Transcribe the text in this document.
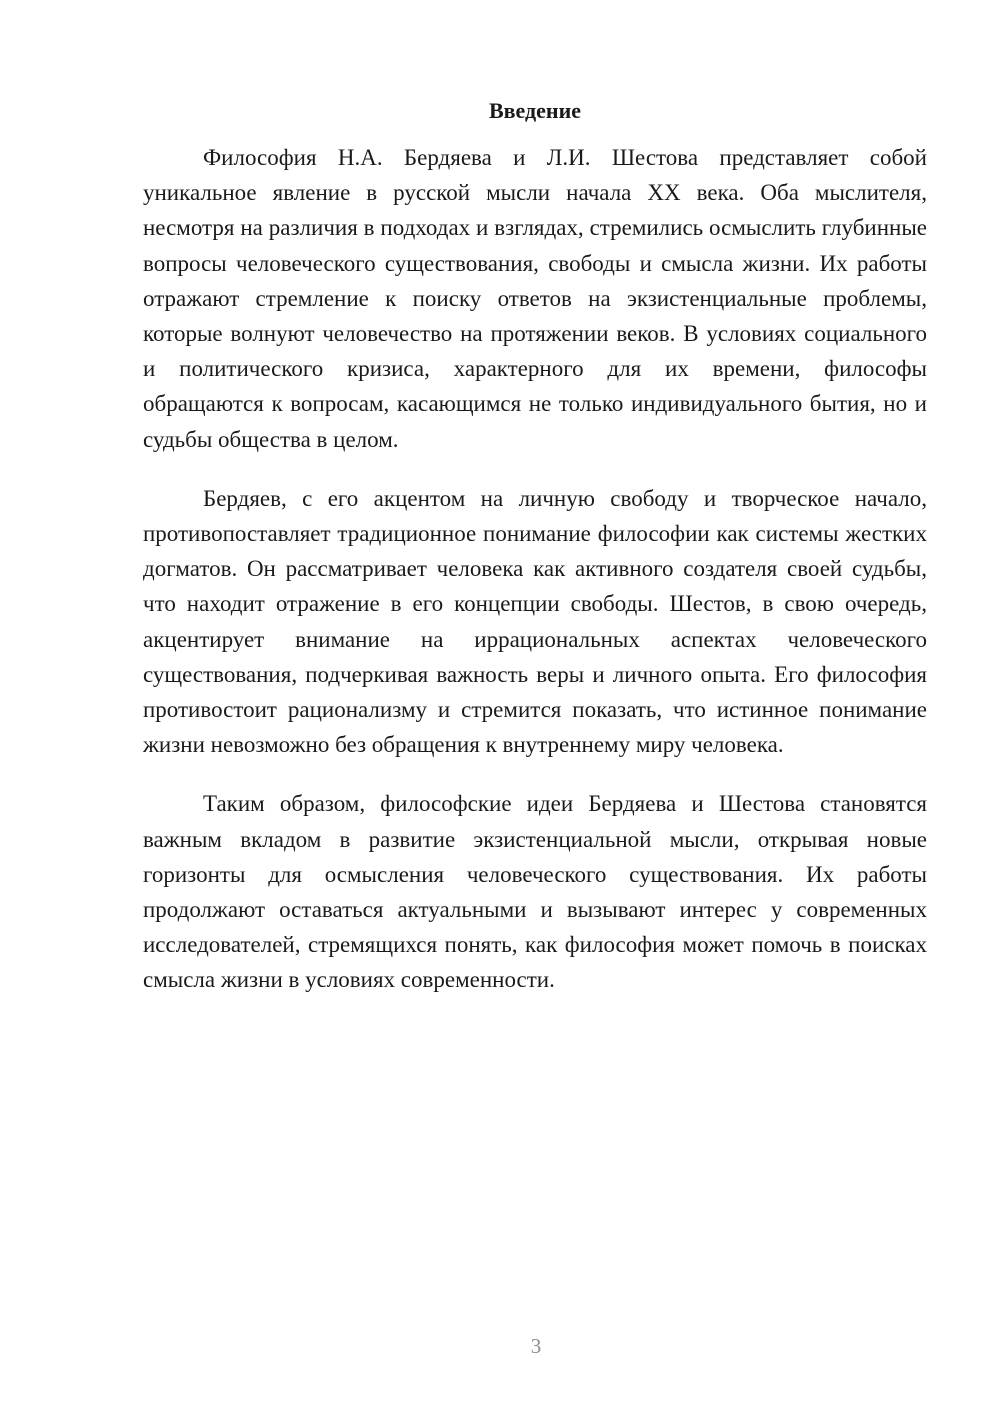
Введение

Философия Н.А. Бердяева и Л.И. Шестова представляет собой уникальное явление в русской мысли начала XX века. Оба мыслителя, несмотря на различия в подходах и взглядах, стремились осмыслить глубинные вопросы человеческого существования, свободы и смысла жизни. Их работы отражают стремление к поиску ответов на экзистенциальные проблемы, которые волнуют человечество на протяжении веков. В условиях социального и политического кризиса, характерного для их времени, философы обращаются к вопросам, касающимся не только индивидуального бытия, но и судьбы общества в целом.

Бердяев, с его акцентом на личную свободу и творческое начало, противопоставляет традиционное понимание философии как системы жестких догматов. Он рассматривает человека как активного создателя своей судьбы, что находит отражение в его концепции свободы. Шестов, в свою очередь, акцентирует внимание на иррациональных аспектах человеческого существования, подчеркивая важность веры и личного опыта. Его философия противостоит рационализму и стремится показать, что истинное понимание жизни невозможно без обращения к внутреннему миру человека.

Таким образом, философские идеи Бердяева и Шестова становятся важным вкладом в развитие экзистенциальной мысли, открывая новые горизонты для осмысления человеческого существования. Их работы продолжают оставаться актуальными и вызывают интерес у современных исследователей, стремящихся понять, как философия может помочь в поисках смысла жизни в условиях современности.

3
